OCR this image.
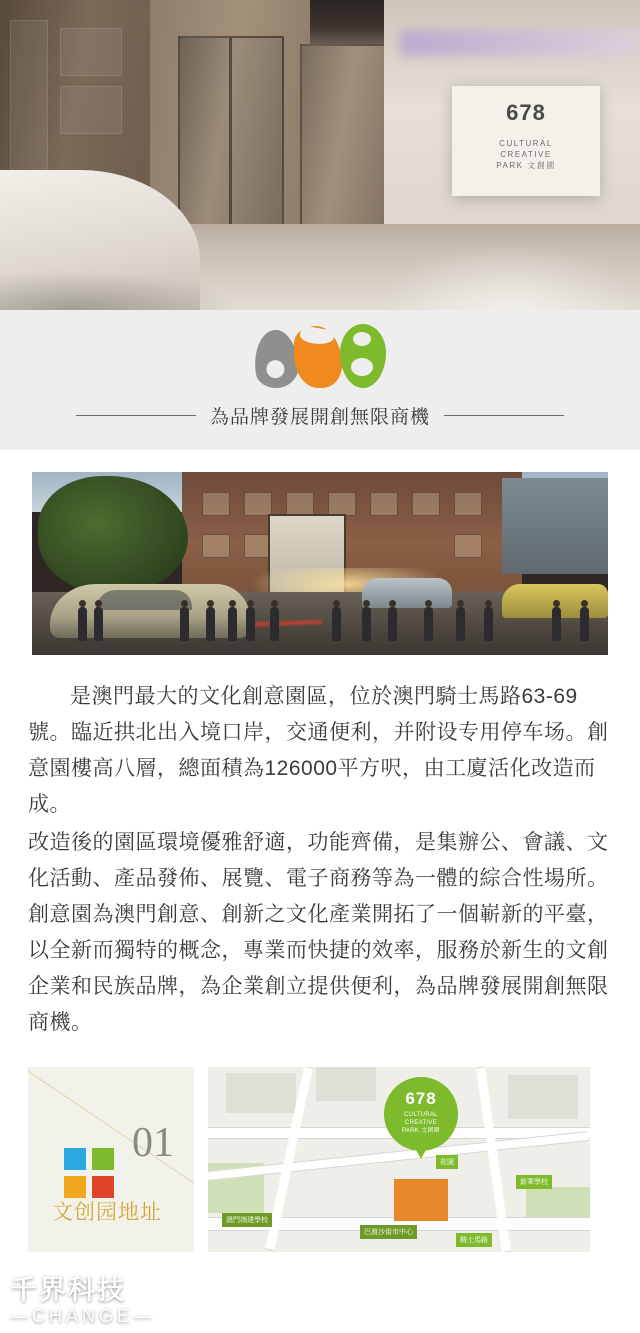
678
CULTURAL
CREATIVE
PARK 文創園
為品牌發展開創無限商機

是澳門最大的文化創意園區，位於澳門騎士馬路63-69號。臨近拱北出入境口岸，交通便利，并附设专用停车场。創意園樓高八層，總面積為126000平方呎，由工廈活化改造而成。

改造後的園區環境優雅舒適，功能齊備，是集辦公、會議、文化活動、產品發佈、展覽、電子商務等為一體的綜合性場所。創意園為澳門創意、創新之文化產業開拓了一個嶄新的平臺，以全新而獨特的概念，專業而快捷的效率，服務於新生的文創企業和民族品牌，為企業創立提供便利，為品牌發展開創無限商機。

01
文创园地址
678
CULTURAL
CREATIVE
PARK 文創園
新華學校
澳門端建學校
巴渡沙街市中心
花園
騎士馬路
千界科技
—CHANGE—
